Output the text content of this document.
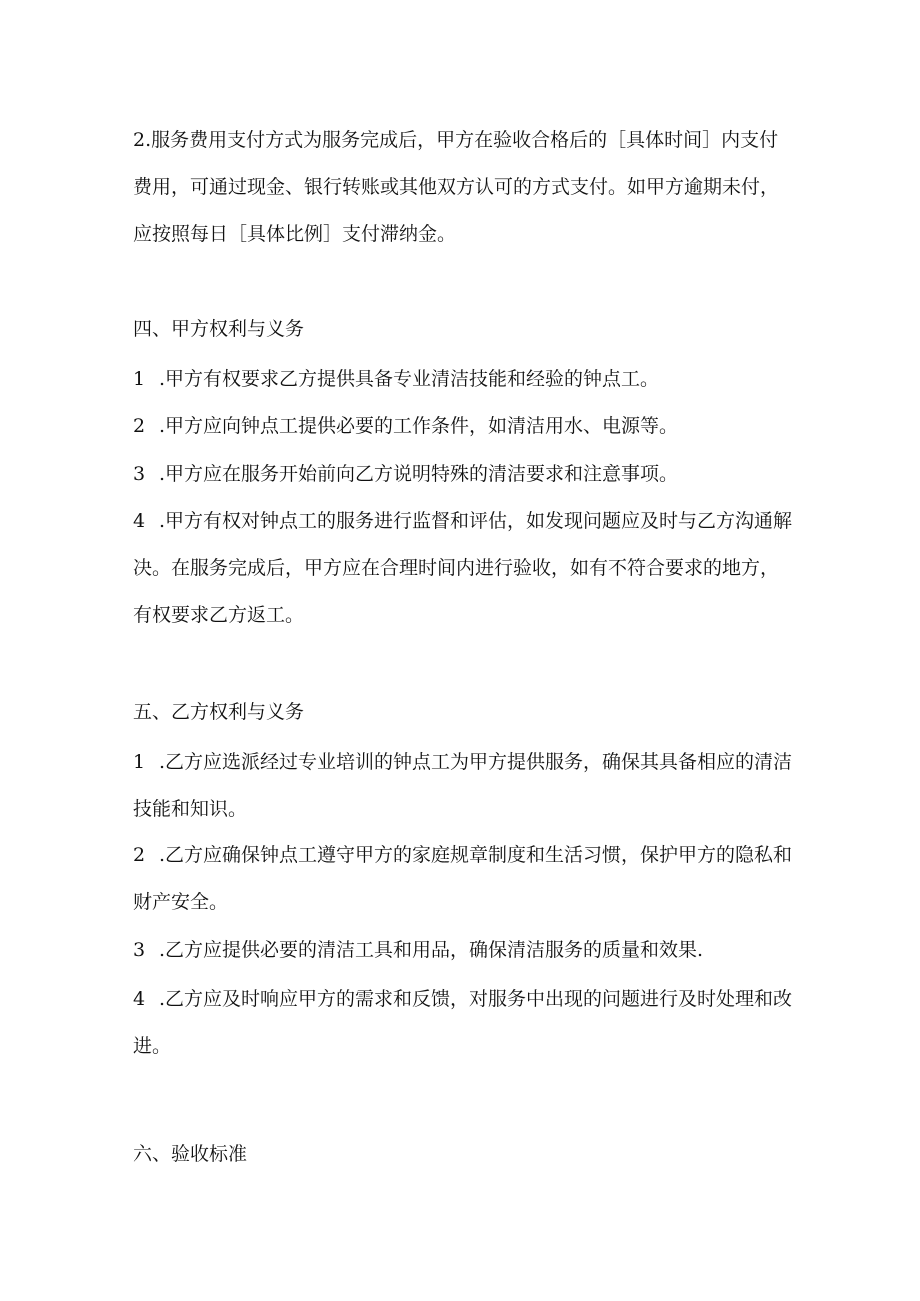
2.服务费用支付方式为服务完成后，甲方在验收合格后的［具体时间］内支付费用，可通过现金、银行转账或其他双方认可的方式支付。如甲方逾期未付，应按照每日［具体比例］支付滞纳金。

四、甲方权利与义务

1 .甲方有权要求乙方提供具备专业清洁技能和经验的钟点工。

2 .甲方应向钟点工提供必要的工作条件，如清洁用水、电源等。

3 .甲方应在服务开始前向乙方说明特殊的清洁要求和注意事项。

4 .甲方有权对钟点工的服务进行监督和评估，如发现问题应及时与乙方沟通解决。在服务完成后，甲方应在合理时间内进行验收，如有不符合要求的地方，有权要求乙方返工。

五、乙方权利与义务

1 .乙方应选派经过专业培训的钟点工为甲方提供服务，确保其具备相应的清洁技能和知识。

2 .乙方应确保钟点工遵守甲方的家庭规章制度和生活习惯，保护甲方的隐私和财产安全。

3 .乙方应提供必要的清洁工具和用品，确保清洁服务的质量和效果.

4 .乙方应及时响应甲方的需求和反馈，对服务中出现的问题进行及时处理和改进。

六、验收标准
